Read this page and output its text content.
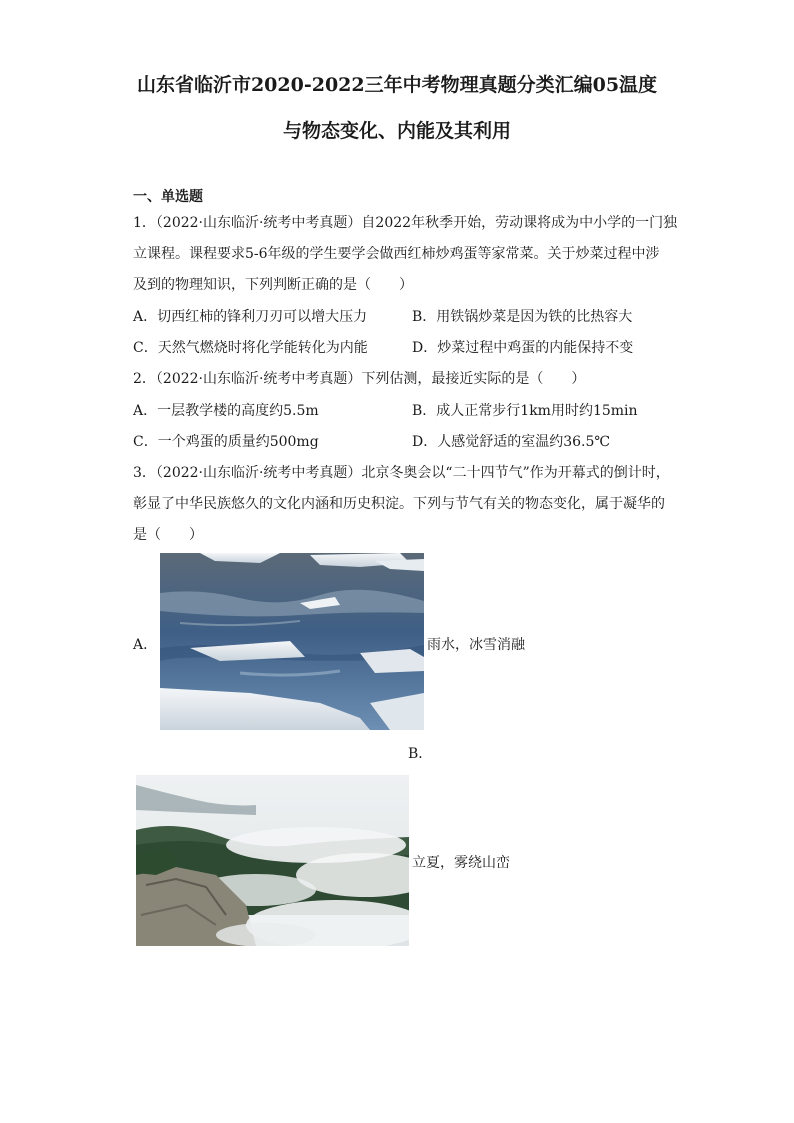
山东省临沂市2020-2022三年中考物理真题分类汇编05温度
与物态变化、内能及其利用
一、单选题
1．（2022·山东临沂·统考中考真题）自2022年秋季开始，劳动课将成为中小学的一门独
立课程。课程要求5-6年级的学生要学会做西红柿炒鸡蛋等家常菜。关于炒菜过程中涉
及到的物理知识，下列判断正确的是（　　）
A．切西红柿的锋利刀刃可以增大压力	B．用铁锅炒菜是因为铁的比热容大
C．天然气燃烧时将化学能转化为内能	D．炒菜过程中鸡蛋的内能保持不变
2．（2022·山东临沂·统考中考真题）下列估测，最接近实际的是（　　）
A．一层教学楼的高度约5.5m	B．成人正常步行1km用时约15min
C．一个鸡蛋的质量约500mg	D．人感觉舒适的室温约36.5℃
3．（2022·山东临沂·统考中考真题）北京冬奥会以“二十四节气”作为开幕式的倒计时，
彰显了中华民族悠久的文化内涵和历史积淀。下列与节气有关的物态变化，属于凝华的
是（　　）
A．	雨水，冰雪消融
B．
立夏，雾绕山峦
